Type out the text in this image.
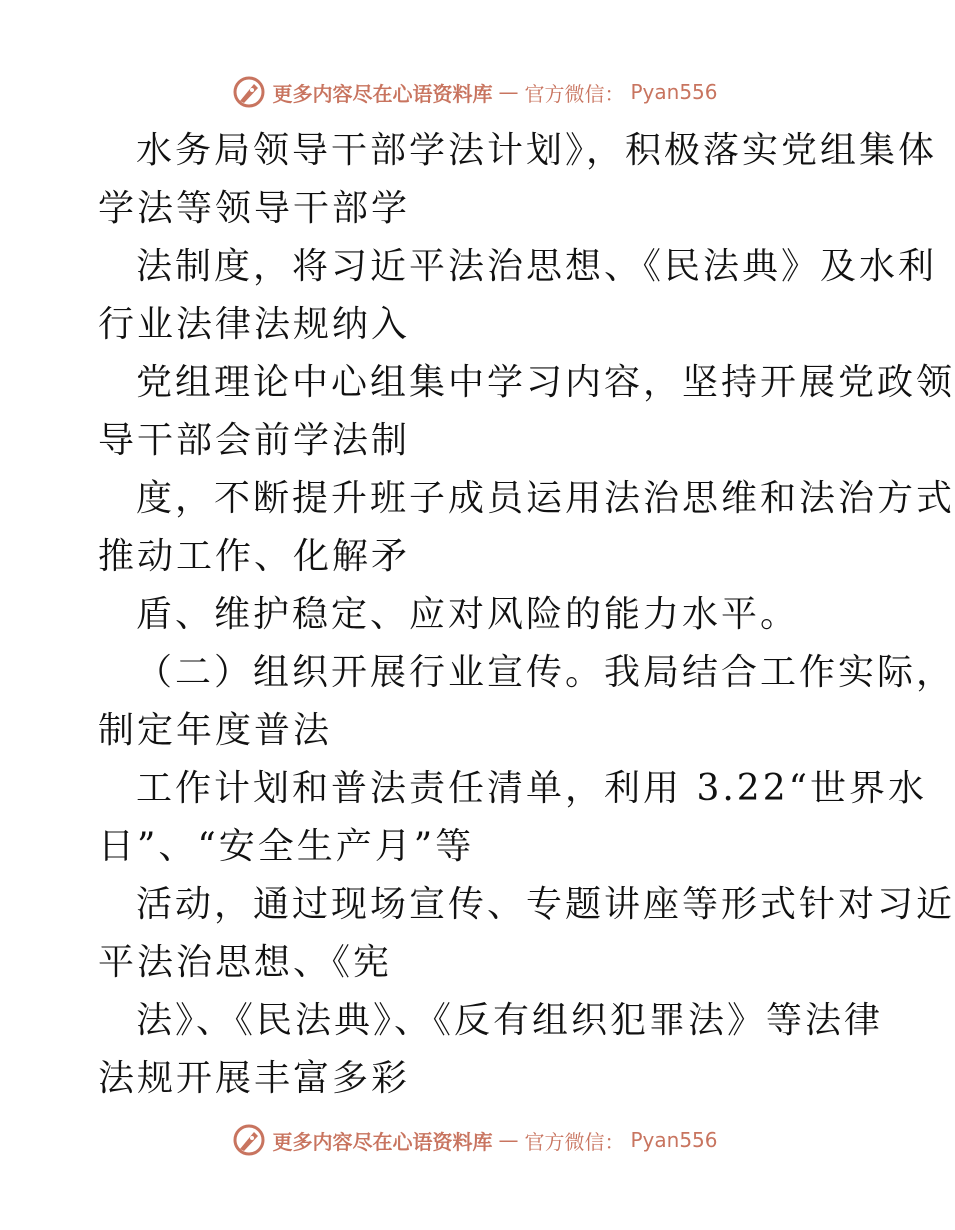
更多内容尽在心语资料库 — 官方微信： Pyan556
水务局领导干部学法计划》，积极落实党组集体
学法等领导干部学
法制度，将习近平法治思想、《民法典》及水利
行业法律法规纳入
党组理论中心组集中学习内容，坚持开展党政领
导干部会前学法制
度，不断提升班子成员运用法治思维和法治方式
推动工作、化解矛
盾、维护稳定、应对风险的能力水平。
（二）组织开展行业宣传。我局结合工作实际，
制定年度普法
工作计划和普法责任清单，利用 3.22“世界水
日”、“安全生产月”等
活动，通过现场宣传、专题讲座等形式针对习近
平法治思想、《宪
法》、《民法典》、《反有组织犯罪法》等法律
法规开展丰富多彩
更多内容尽在心语资料库 — 官方微信： Pyan556
